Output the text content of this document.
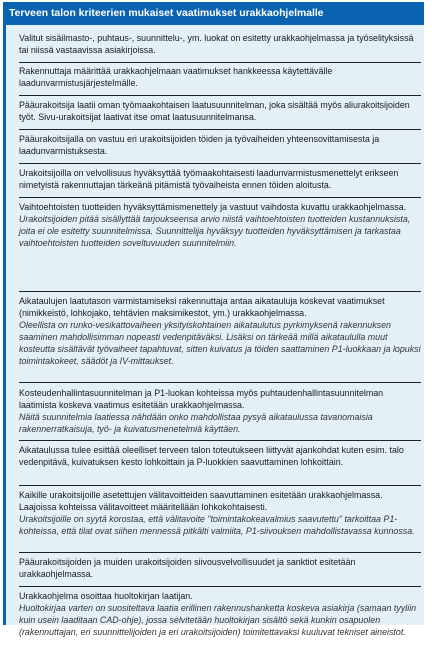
Terveen talon kriteerien mukaiset vaatimukset urakkaohjelmalle

Valitut sisäilmasto-, puhtaus-, suunnittelu-, ym. luokat on esitetty urakkaohjelmassa ja työselityksissä tai niissä vastaavissa asiakirjoissa.

Rakennuttaja määrittää urakkaohjelmaan vaatimukset hankkeessa käytettävälle laadunvarmistusjärjestelmälle.

Pääurakoitsija laatii oman työmaakohtaisen laatusuunnitelman, joka sisältää myös aliurakoitsijoiden työt. Sivu-urakoitsijat laativat itse omat laatusuunnitelmansa.

Pääurakoitsijalla on vastuu eri urakoitsijoiden töiden ja työvaiheiden yhteensovittamisesta ja laadunvarmistuksesta.

Urakoitsijoilla on velvollisuus hyväksyttää työmaakohtaisesti laadunvarmistusmenettelyt erikseen nimetyistä rakennuttajan tärkeänä pitämistä työvaiheista ennen töiden aloitusta.

Vaihtoehtoisten tuotteiden hyväksyttämismenettely ja vastuut vaihdosta kuvattu urakkaohjelmassa.

Urakoitsijoiden pitää sisällyttää tarjoukseensa arvio niistä vaihtoehtoisten tuotteiden kustannuksista, joita ei ole esitetty suunnitelmissa. Suunnittelija hyväksyy tuotteiden hyväksyttämisen ja tarkastaa vaihtoehtoisten tuotteiden soveltuvuuden suunnitelmiin.

Aikataulujen laatutason varmistamiseksi rakennuttaja antaa aikatauluja koskevat vaatimukset (nimikkeistö, lohkojako, tehtävien maksimikestot, ym.) urakkaohjelmassa.

Oleellista on runko-vesikattovaiheen yksityiskohtainen aikataulutus pyrkimyksenä rakennuksen saaminen mahdollisimman nopeasti vedenpitäväksi. Lisäksi on tärkeää millä aikataululla muut kosteutta sisältävät työvaiheet tapahtuvat, sitten kuivatus ja töiden saattaminen P1-luokkaan ja lopuksi toimintakokeet, säädöt ja IV-mittaukset.

Kosteudenhallintasuunnitelman ja P1-luokan kohteissa myös puhtaudenhallintasuunnitelman laatimista koskeva vaatimus esitetään urakkaohjelmassa.

Näitä suunnitelmia laatiessa nähdään onko mahdollistaa pysyä aikataulussa tavanomaisia rakennerratkaisuja, työ- ja kuivatusmenetelmiä käyttäen.

Aikataulussa tulee esittää oleelliset terveen talon toteutukseen liittyvät ajankohdat kuten esim. talo vedenpitävä, kuivatuksen kesto lohkoittain ja P-luokkien saavuttaminen lohkoittain.

Kaikille urakoitsijoille asetettujen välitavoitteiden saavuttaminen esitetään urakkaohjelmassa. Laajoissa kohteissa välitavoitteet määritellään lohkokohtaisesti.

Urakoitsijoille on syytä korostaa, että välitavoite "toimintakokeavalmius saavutettu" tarkoittaa P1-kohteissa, että tilat ovat siihen mennessä pitkälti valmiita, P1-siivouksen mahdollistavassa kunnossa.

Pääurakoitsijoiden ja muiden urakoitsijoiden siivousvelvollisuudet ja sanktiot esitetään urakkaohjelmassa.

Urakkaohjelma osoittaa huoltokirjan laatijan.

Huoltokirjaa varten on suositeltava laatia erillinen rakennushanketta koskeva asiakirja (samaan tyyliin kuin usein laaditaan CAD-ohje), jossa selvitetään huoltokirjan sisältö sekä kunkin osapuolen (rakennuttajan, eri suunnittelijoiden ja eri urakoitsijoiden) toimitettavaksi kuuluvat tekniset aineistot.
